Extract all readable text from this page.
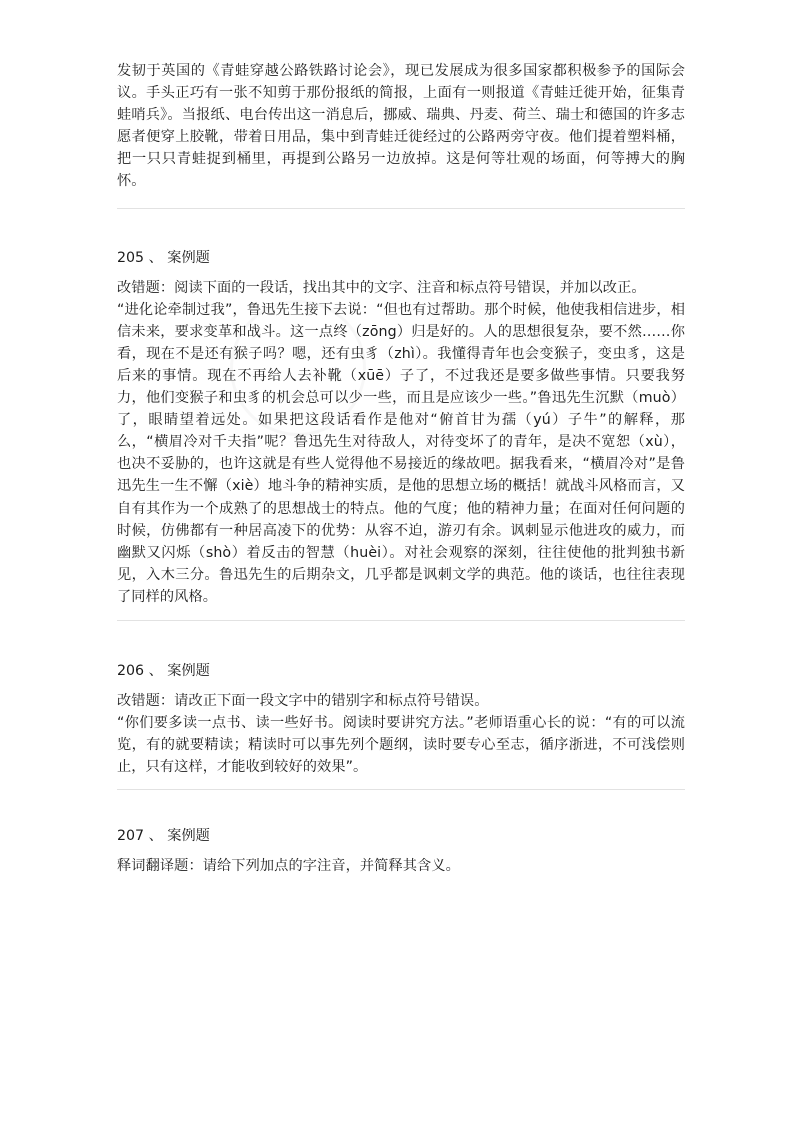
发韧于英国的《青蛙穿越公路铁路讨论会》，现已发展成为很多国家都积极参予的国际会议。手头正巧有一张不知剪于那份报纸的简报，上面有一则报道《青蛙迁徙开始，征集青蛙哨兵》。当报纸、电台传出这一消息后，挪威、瑞典、丹麦、荷兰、瑞士和德国的许多志愿者便穿上胶靴，带着日用品，集中到青蛙迁徙经过的公路两旁守夜。他们提着塑料桶，把一只只青蛙捉到桶里，再提到公路另一边放掉。这是何等壮观的场面，何等搏大的胸怀。

205 、 案例题

改错题：阅读下面的一段话，找出其中的文字、注音和标点符号错误，并加以改正。

“进化论牵制过我”，鲁迅先生接下去说：“但也有过帮助。那个时候，他使我相信进步，相信未来，要求变革和战斗。这一点终（zōng）归是好的。人的思想很复杂，要不然……你看，现在不是还有猴子吗？嗯，还有虫豸（zhì）。我懂得青年也会变猴子，变虫豸，这是后来的事情。现在不再给人去补靴（xūē）子了，不过我还是要多做些事情。只要我努力，他们变猴子和虫豸的机会总可以少一些，而且是应该少一些。”鲁迅先生沉默（muò）了，眼睛望着远处。如果把这段话看作是他对“俯首甘为孺（yú）子牛”的解释，那么，“横眉冷对千夫指”呢？鲁迅先生对待敌人，对待变坏了的青年，是决不宽恕（xù），也决不妥胁的，也许这就是有些人觉得他不易接近的缘故吧。据我看来，“横眉冷对”是鲁迅先生一生不懈（xiè）地斗争的精神实质，是他的思想立场的概括！就战斗风格而言，又自有其作为一个成熟了的思想战士的特点。他的气度；他的精神力量；在面对任何问题的时候，仿佛都有一种居高凌下的优势：从容不迫，游刃有余。讽刺显示他进攻的威力，而幽默又闪烁（shò）着反击的智慧（huèi）。对社会观察的深刻，往往使他的批判独书新见，入木三分。鲁迅先生的后期杂文，几乎都是讽刺文学的典范。他的谈话，也往往表现了同样的风格。

206 、 案例题

改错题：请改正下面一段文字中的错别字和标点符号错误。

“你们要多读一点书、读一些好书。阅读时要讲究方法。”老师语重心长的说：“有的可以流览，有的就要精读；精读时可以事先列个题纲，读时要专心至志，循序浙进，不可浅偿则止，只有这样，才能收到较好的效果”。

207 、 案例题

释词翻译题：请给下列加点的字注音，并简释其含义。
